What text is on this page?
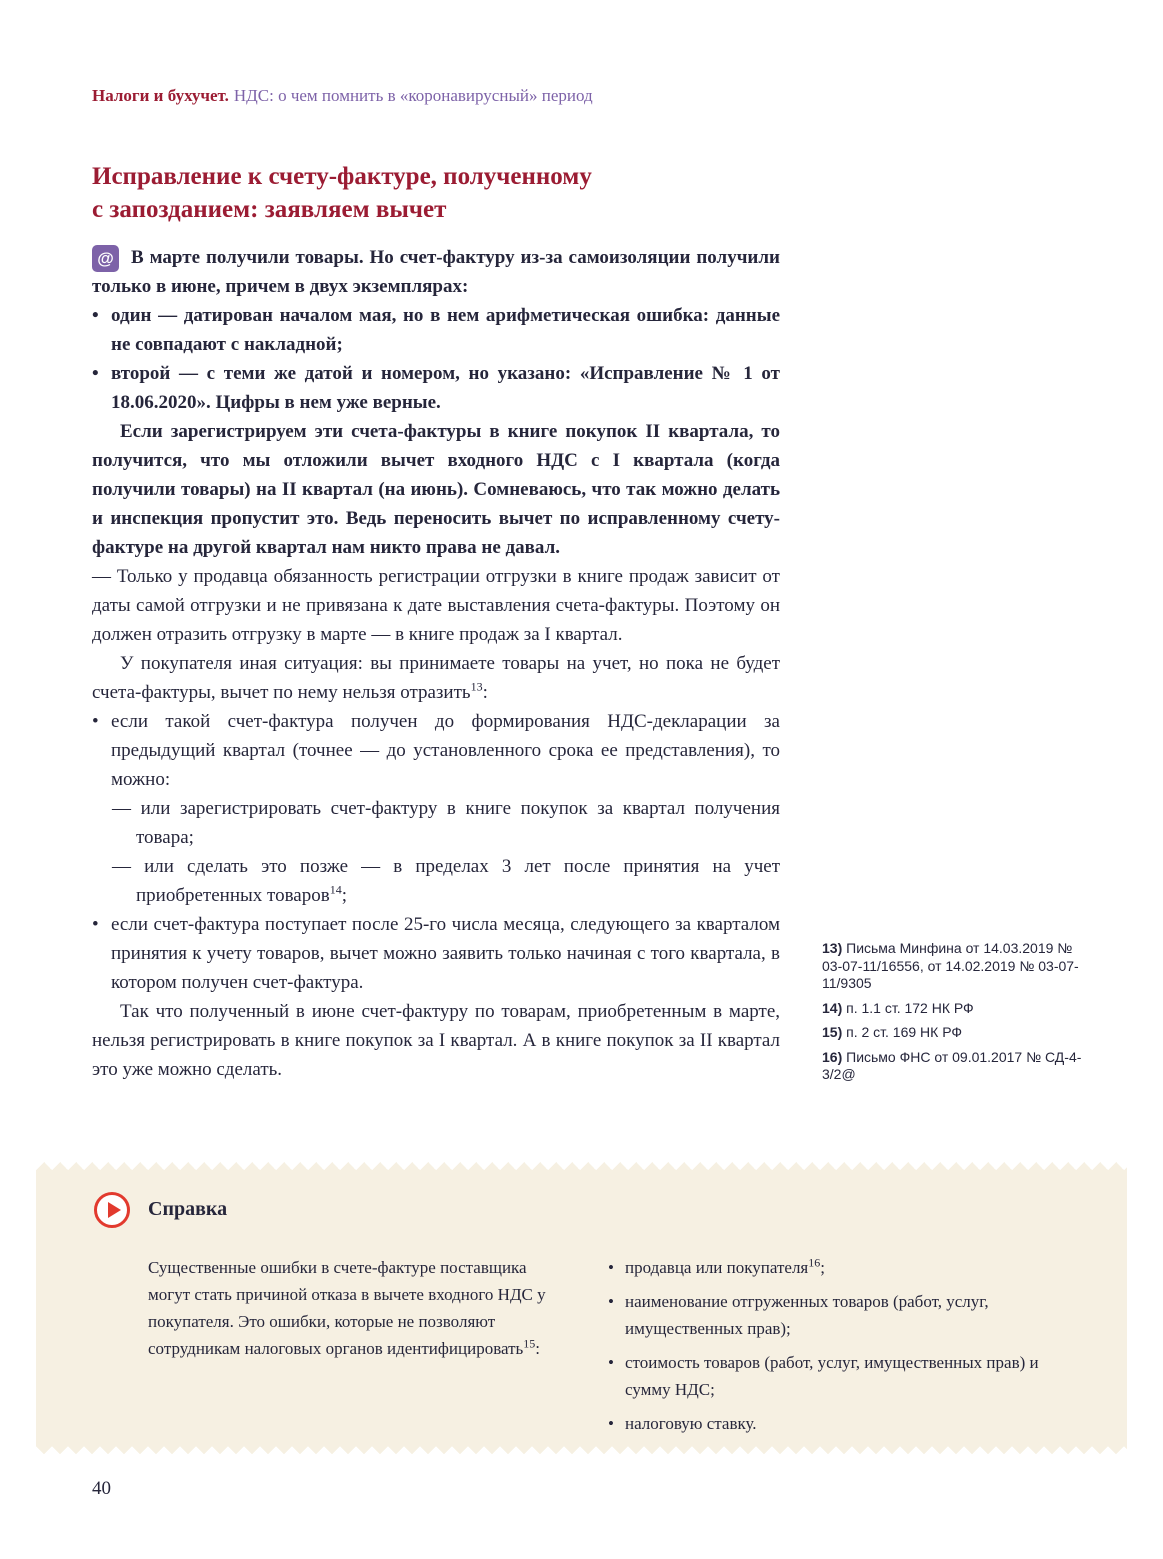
Налоги и бухучет. НДС: о чем помнить в «коронавирусный» период
Исправление к счету-фактуре, полученному
с запозданием: заявляем вычет

@ В марте получили товары. Но счет-фактуру из-за самоизоляции получили только в июне, причем в двух экземплярах:

• один — датирован началом мая, но в нем арифметическая ошибка: данные не совпадают с накладной;

• второй — с теми же датой и номером, но указано: «Исправление № 1 от 18.06.2020». Цифры в нем уже верные.

Если зарегистрируем эти счета-фактуры в книге покупок II квартала, то получится, что мы отложили вычет входного НДС с I квартала (когда получили товары) на II квартал (на июнь). Сомневаюсь, что так можно делать и инспекция пропустит это. Ведь переносить вычет по исправленному счету-фактуре на другой квартал нам никто права не давал.

— Только у продавца обязанность регистрации отгрузки в книге продаж зависит от даты самой отгрузки и не привязана к дате выставления счета-фактуры. Поэтому он должен отразить отгрузку в марте — в книге продаж за I квартал.

У покупателя иная ситуация: вы принимаете товары на учет, но пока не будет счета-фактуры, вычет по нему нельзя отразить$^{13}$:

• если такой счет-фактура получен до формирования НДС-декларации за предыдущий квартал (точнее — до установленного срока ее представления), то можно:

— или зарегистрировать счет-фактуру в книге покупок за квартал получения товара;

— или сделать это позже — в пределах 3 лет после принятия на учет приобретенных товаров$^{14}$;

• если счет-фактура поступает после 25-го числа месяца, следующего за кварталом принятия к учету товаров, вычет можно заявить только начиная с того квартала, в котором получен счет-фактура.

Так что полученный в июне счет-фактуру по товарам, приобретенным в марте, нельзя регистрировать в книге покупок за I квартал. А в книге покупок за II квартал это уже можно сделать.

13) Письма Минфина от 14.03.2019 № 03-07-11/16556, от 14.02.2019 № 03-07-11/9305

14) п. 1.1 ст. 172 НК РФ

15) п. 2 ст. 169 НК РФ

16) Письмо ФНС от 09.01.2017 № СД-4-3/2@

Справка
Существенные ошибки в счете-фактуре поставщика могут стать причиной отказа в вычете входного НДС у покупателя. Это ошибки, которые не позволяют сотрудникам налоговых органов идентифицировать$^{15}$:

• продавца или покупателя$^{16}$;

• наименование отгруженных товаров (работ, услуг, имущественных прав);

• стоимость товаров (работ, услуг, имущественных прав) и сумму НДС;

• налоговую ставку.

40
